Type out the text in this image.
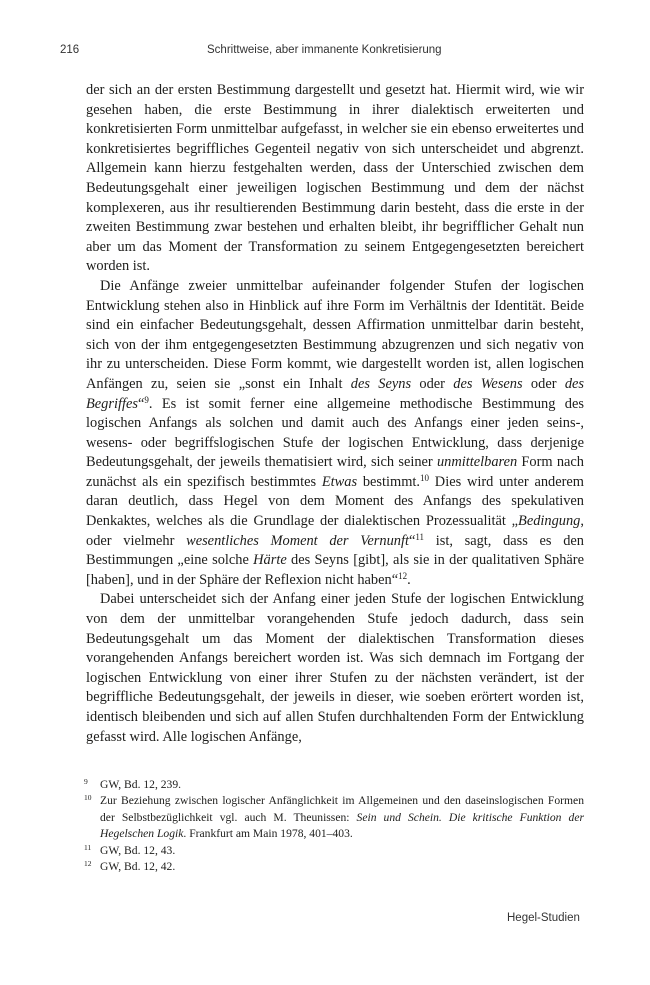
216	Schrittweise, aber immanente Konkretisierung

der sich an der ersten Bestimmung dargestellt und gesetzt hat. Hiermit wird, wie wir gesehen haben, die erste Bestimmung in ihrer dialektisch erweiterten und konkretisierten Form unmittelbar aufgefasst, in welcher sie ein ebenso erweitertes und konkretisiertes begriffliches Gegenteil negativ von sich unterscheidet und abgrenzt. Allgemein kann hierzu festgehalten werden, dass der Unterschied zwischen dem Bedeutungsgehalt einer jeweiligen logischen Bestimmung und dem der nächst komplexeren, aus ihr resultierenden Bestimmung darin besteht, dass die erste in der zweiten Bestimmung zwar bestehen und erhalten bleibt, ihr begrifflicher Gehalt nun aber um das Moment der Transformation zu seinem Entgegengesetzten bereichert worden ist.

Die Anfänge zweier unmittelbar aufeinander folgender Stufen der logischen Entwicklung stehen also in Hinblick auf ihre Form im Verhältnis der Identität. Beide sind ein einfacher Bedeutungsgehalt, dessen Affirmation unmittelbar darin besteht, sich von der ihm entgegengesetzten Bestimmung abzugrenzen und sich negativ von ihr zu unterscheiden. Diese Form kommt, wie dargestellt worden ist, allen logischen Anfängen zu, seien sie „sonst ein Inhalt des Seyns oder des Wesens oder des Begriffes“$^9$. Es ist somit ferner eine allgemeine methodische Bestimmung des logischen Anfangs als solchen und damit auch des Anfangs einer jeden seins-, wesens- oder begriffslogischen Stufe der logischen Entwicklung, dass derjenige Bedeutungsgehalt, der jeweils thematisiert wird, sich seiner unmittelbaren Form nach zunächst als ein spezifisch bestimmtes Etwas bestimmt.$^{10}$ Dies wird unter anderem daran deutlich, dass Hegel von dem Moment des Anfangs des spekulativen Denkaktes, welches als die Grundlage der dialektischen Prozessualität „Bedingung, oder vielmehr wesentliches Moment der Vernunft“$^{11}$ ist, sagt, dass es den Bestimmungen „eine solche Härte des Seyns [gibt], als sie in der qualitativen Sphäre [haben], und in der Sphäre der Reflexion nicht haben“$^{12}$.

Dabei unterscheidet sich der Anfang einer jeden Stufe der logischen Entwicklung von dem der unmittelbar vorangehenden Stufe jedoch dadurch, dass sein Bedeutungsgehalt um das Moment der dialektischen Transformation dieses vorangehenden Anfangs bereichert worden ist. Was sich demnach im Fortgang der logischen Entwicklung von einer ihrer Stufen zu der nächsten verändert, ist der begriffliche Bedeutungsgehalt, der jeweils in dieser, wie soeben erörtert worden ist, identisch bleibenden und sich auf allen Stufen durchhaltenden Form der Entwicklung gefasst wird. Alle logischen Anfänge,

9 GW, Bd. 12, 239.

10 Zur Beziehung zwischen logischer Anfänglichkeit im Allgemeinen und den daseinslogischen Formen der Selbstbezüglichkeit vgl. auch M. Theunissen: Sein und Schein. Die kritische Funktion der Hegelschen Logik. Frankfurt am Main 1978, 401–403.

11 GW, Bd. 12, 43.

12 GW, Bd. 12, 42.

Hegel-Studien
